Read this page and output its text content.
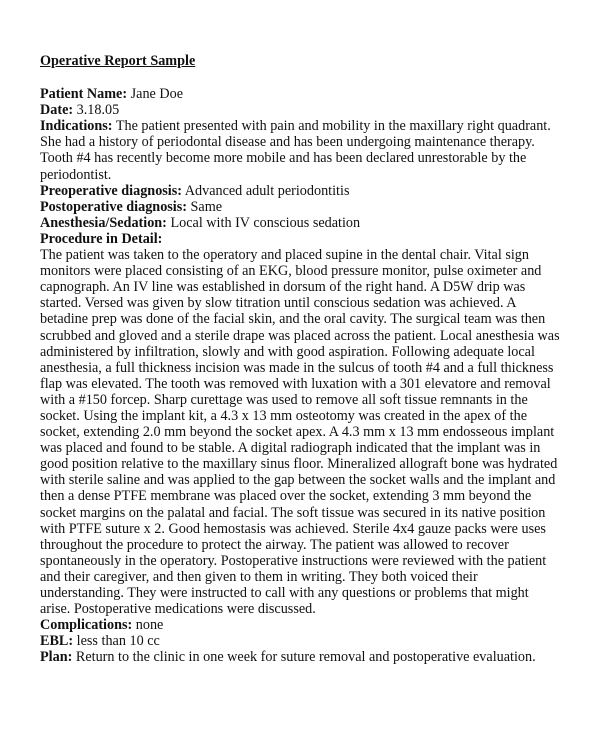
Operative Report Sample
Patient Name: Jane Doe
Date: 3.18.05
Indications: The patient presented with pain and mobility in the maxillary right quadrant. She had a history of periodontal disease and has been undergoing maintenance therapy. Tooth #4 has recently become more mobile and has been declared unrestorable by the periodontist.
Preoperative diagnosis: Advanced adult periodontitis
Postoperative diagnosis: Same
Anesthesia/Sedation: Local with IV conscious sedation
Procedure in Detail:
The patient was taken to the operatory and placed supine in the dental chair. Vital sign monitors were placed consisting of an EKG, blood pressure monitor, pulse oximeter and capnograph. An IV line was established in dorsum of the right hand. A D5W drip was started. Versed was given by slow titration until conscious sedation was achieved. A betadine prep was done of the facial skin, and the oral cavity. The surgical team was then scrubbed and gloved and a sterile drape was placed across the patient. Local anesthesia was administered by infiltration, slowly and with good aspiration. Following adequate local anesthesia, a full thickness incision was made in the sulcus of tooth #4 and a full thickness flap was elevated. The tooth was removed with luxation with a 301 elevatore and removal with a #150 forcep. Sharp curettage was used to remove all soft tissue remnants in the socket. Using the implant kit, a 4.3 x 13 mm osteotomy was created in the apex of the socket, extending 2.0 mm beyond the socket apex. A 4.3 mm x 13 mm endosseous implant was placed and found to be stable. A digital radiograph indicated that the implant was in good position relative to the maxillary sinus floor. Mineralized allograft bone was hydrated with sterile saline and was applied to the gap between the socket walls and the implant and then a dense PTFE membrane was placed over the socket, extending 3 mm beyond the socket margins on the palatal and facial. The soft tissue was secured in its native position with PTFE suture x 2. Good hemostasis was achieved. Sterile 4x4 gauze packs were uses throughout the procedure to protect the airway. The patient was allowed to recover spontaneously in the operatory. Postoperative instructions were reviewed with the patient and their caregiver, and then given to them in writing. They both voiced their understanding. They were instructed to call with any questions or problems that might arise. Postoperative medications were discussed.
Complications: none
EBL: less than 10 cc
Plan: Return to the clinic in one week for suture removal and postoperative evaluation.
